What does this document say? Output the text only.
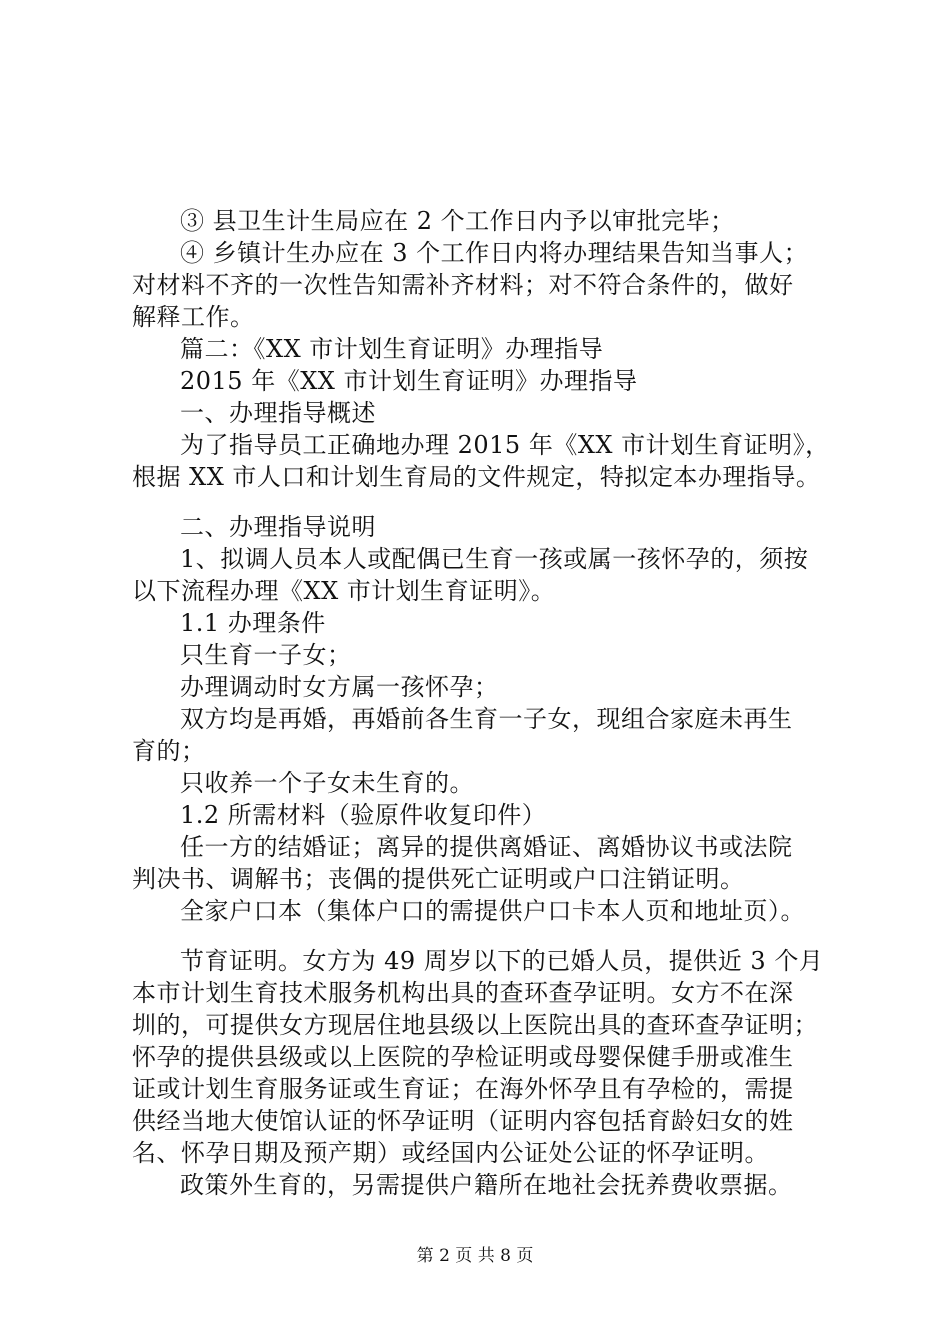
③ 县卫生计生局应在 2 个工作日内予以审批完毕；
④ 乡镇计生办应在 3 个工作日内将办理结果告知当事人；
对材料不齐的一次性告知需补齐材料；对不符合条件的，做好
解释工作。
篇二：《XX 市计划生育证明》办理指导
2015 年《XX 市计划生育证明》办理指导
一、办理指导概述
为了指导员工正确地办理 2015 年《XX 市计划生育证明》，
根据 XX 市人口和计划生育局的文件规定，特拟定本办理指导。
二、办理指导说明
1、拟调人员本人或配偶已生育一孩或属一孩怀孕的，须按
以下流程办理《XX 市计划生育证明》。
1.1 办理条件
只生育一子女；
办理调动时女方属一孩怀孕；
双方均是再婚，再婚前各生育一子女，现组合家庭未再生
育的；
只收养一个子女未生育的。
1.2 所需材料（验原件收复印件）
任一方的结婚证；离异的提供离婚证、离婚协议书或法院
判决书、调解书；丧偶的提供死亡证明或户口注销证明。
全家户口本（集体户口的需提供户口卡本人页和地址页）。
节育证明。女方为 49 周岁以下的已婚人员，提供近 3 个月
本市计划生育技术服务机构出具的查环查孕证明。女方不在深
圳的，可提供女方现居住地县级以上医院出具的查环查孕证明；
怀孕的提供县级或以上医院的孕检证明或母婴保健手册或准生
证或计划生育服务证或生育证；在海外怀孕且有孕检的，需提
供经当地大使馆认证的怀孕证明（证明内容包括育龄妇女的姓
名、怀孕日期及预产期）或经国内公证处公证的怀孕证明。
政策外生育的，另需提供户籍所在地社会抚养费收票据。
第 2 页 共 8 页
